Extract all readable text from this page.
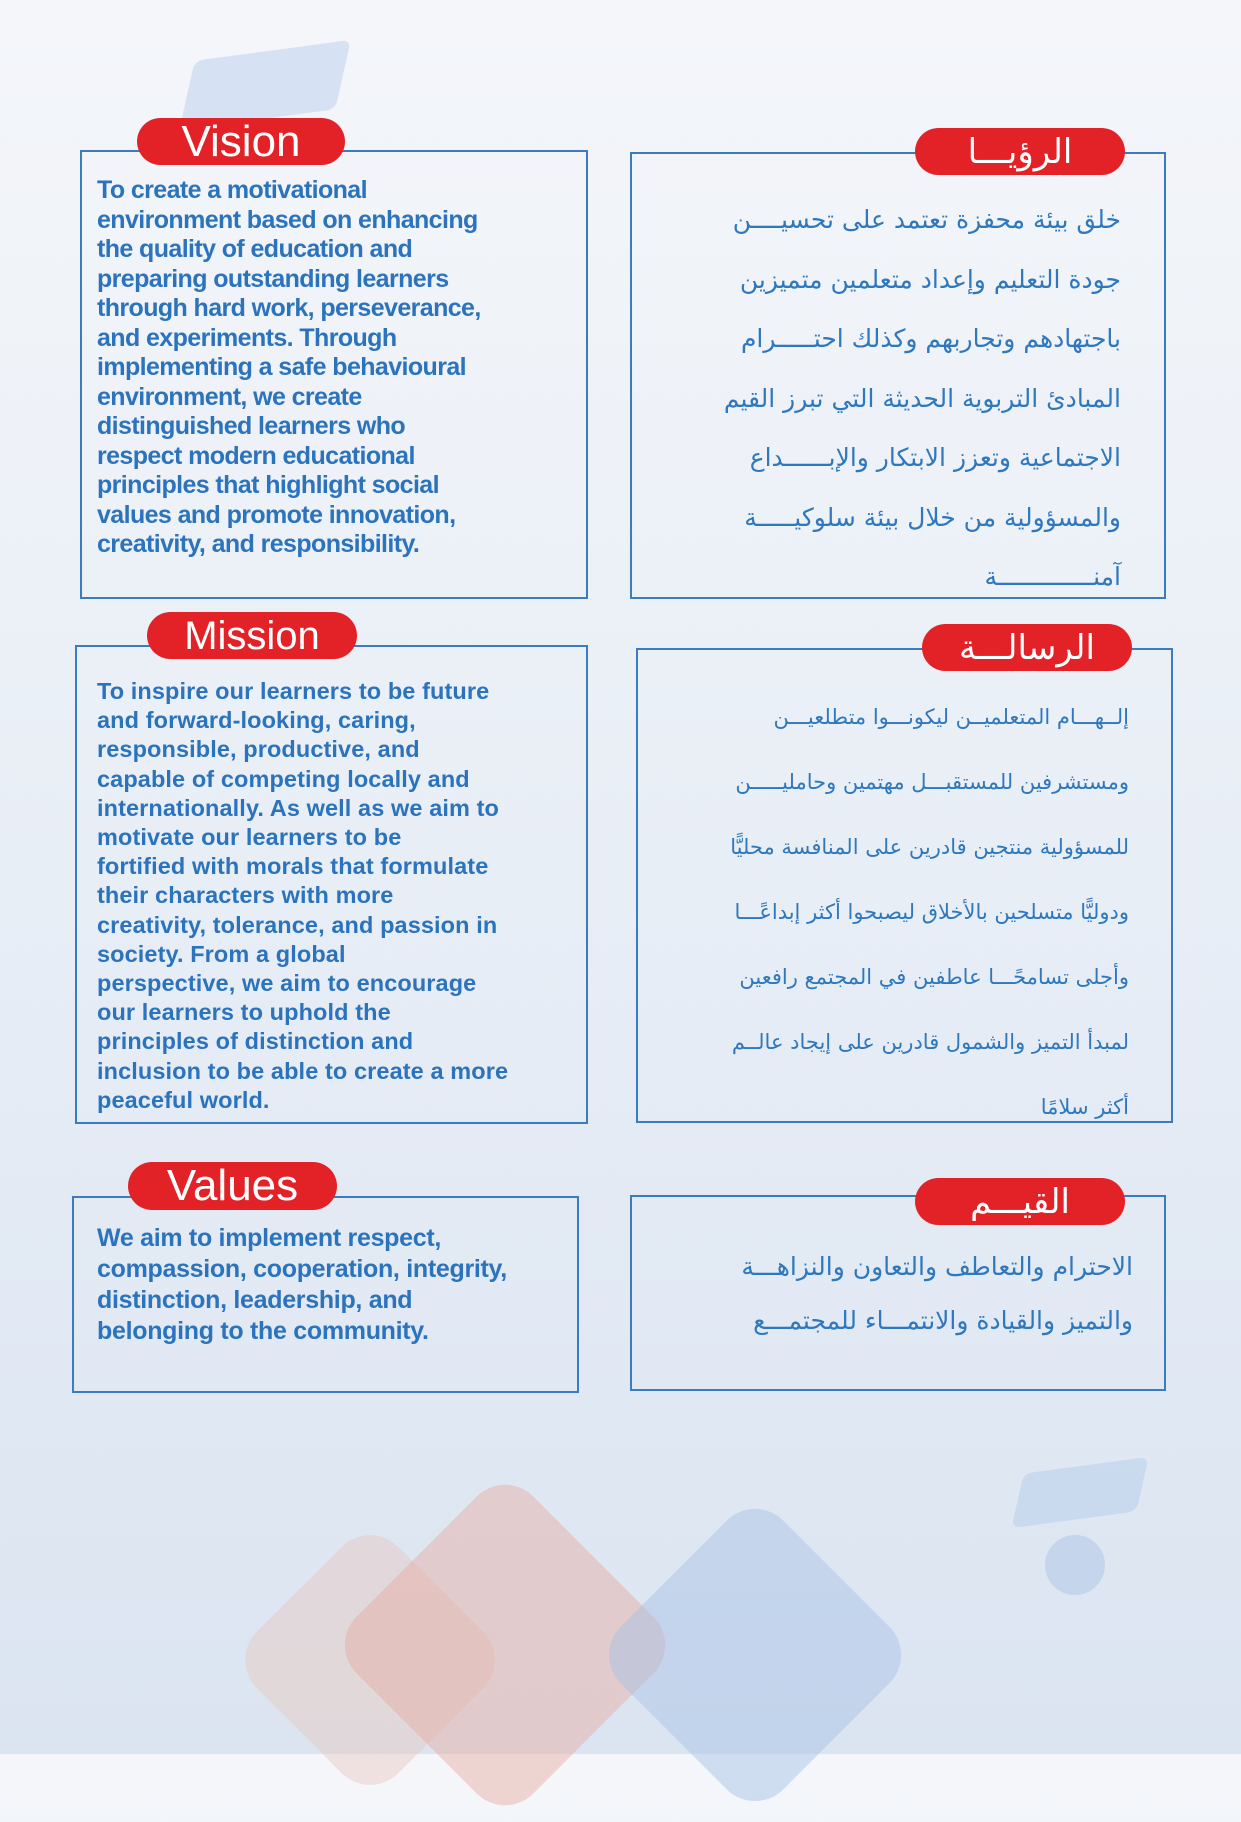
Vision
To create a motivational
environment based on enhancing
the quality of education and
preparing outstanding learners
through hard work, perseverance,
and experiments. Through
implementing a safe behavioural
environment, we create
distinguished learners who
respect modern educational
principles that highlight social
values and promote innovation,
creativity, and responsibility.
الرؤيـــا
خلق بيئة محفزة تعتمد على تحسيــــن
جودة التعليم وإعداد متعلمين متميزين
باجتهادهم وتجاربهم وكذلك احتـــــرام
المبادئ التربوية الحديثة التي تبرز القيم
الاجتماعية وتعزز الابتكار والإبــــــداع
والمسؤولية من خلال بيئة سلوكيـــــة
آمنـــــــــــــة
Mission
To inspire our learners to be future
and forward-looking, caring,
responsible, productive, and
capable of competing locally and
internationally. As well as we aim to
motivate our learners to be
fortified with morals that formulate
their characters with more
creativity, tolerance, and passion in
society. From a global
perspective, we aim to encourage
our learners to uphold the
principles of distinction and
inclusion to be able to create a more
peaceful world.
الرسالـــة
إلــهـــام المتعلميــن ليكونـــوا متطلعيـــن
ومستشرفين للمستقبـــل مهتمين وحامليـــــن
للمسؤولية منتجين قادرين على المنافسة محليًّا
ودوليًّا متسلحين بالأخلاق ليصبحوا أكثر إبداعًـــا
وأجلى تسامحًـــا عاطفين في المجتمع رافعين
لمبدأ التميز والشمول قادرين على إيجاد عالــم
أكثر سلامًا
Values
We aim to implement respect,
compassion, cooperation, integrity,
distinction, leadership, and
belonging to the community.
القيـــم
الاحترام والتعاطف والتعاون والنزاهـــة
والتميز والقيادة والانتمـــاء للمجتمـــع
